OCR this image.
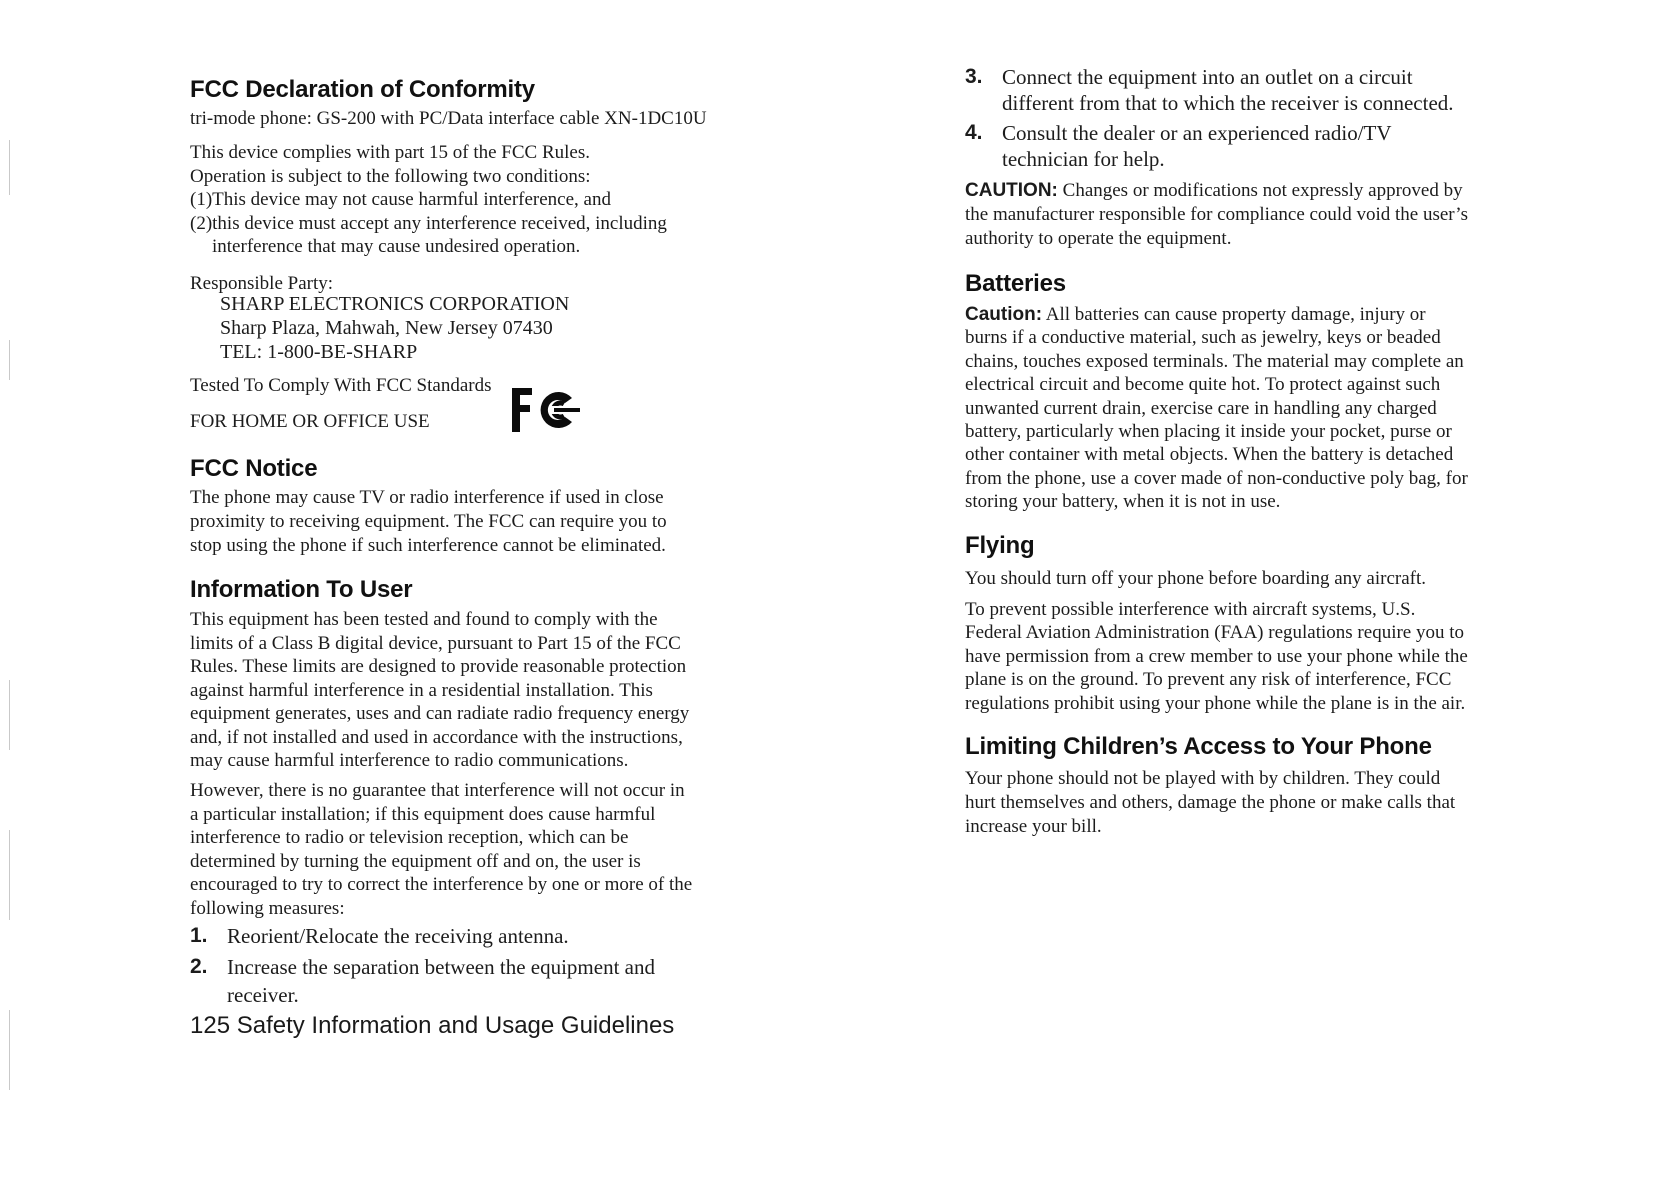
FCC Declaration of Conformity
tri-mode phone: GS-200 with PC/Data interface cable XN-1DC10U
This device complies with part 15 of the FCC Rules.
Operation is subject to the following two conditions:
(1)This device may not cause harmful interference, and
(2)this device must accept any interference received, including
interference that may cause undesired operation.
Responsible Party:
SHARP ELECTRONICS CORPORATION
Sharp Plaza, Mahwah, New Jersey 07430
TEL: 1-800-BE-SHARP
Tested To Comply With FCC Standards
FOR HOME OR OFFICE USE
FCC Notice
The phone may cause TV or radio interference if used in close
proximity to receiving equipment. The FCC can require you to
stop using the phone if such interference cannot be eliminated.
Information To User
This equipment has been tested and found to comply with the
limits of a Class B digital device, pursuant to Part 15 of the FCC
Rules. These limits are designed to provide reasonable protection
against harmful interference in a residential installation. This
equipment generates, uses and can radiate radio frequency energy
and, if not installed and used in accordance with the instructions,
may cause harmful interference to radio communications.
However, there is no guarantee that interference will not occur in
a particular installation; if this equipment does cause harmful
interference to radio or television reception, which can be
determined by turning the equipment off and on, the user is
encouraged to try to correct the interference by one or more of the
following measures:
1. Reorient/Relocate the receiving antenna.
2. Increase the separation between the equipment and
receiver.
125 Safety Information and Usage Guidelines
3. Connect the equipment into an outlet on a circuit
different from that to which the receiver is connected.
4. Consult the dealer or an experienced radio/TV
technician for help.
CAUTION: Changes or modifications not expressly approved by
the manufacturer responsible for compliance could void the user’s
authority to operate the equipment.
Batteries
Caution: All batteries can cause property damage, injury or
burns if a conductive material, such as jewelry, keys or beaded
chains, touches exposed terminals. The material may complete an
electrical circuit and become quite hot. To protect against such
unwanted current drain, exercise care in handling any charged
battery, particularly when placing it inside your pocket, purse or
other container with metal objects. When the battery is detached
from the phone, use a cover made of non-conductive poly bag, for
storing your battery, when it is not in use.
Flying
You should turn off your phone before boarding any aircraft.
To prevent possible interference with aircraft systems, U.S.
Federal Aviation Administration (FAA) regulations require you to
have permission from a crew member to use your phone while the
plane is on the ground. To prevent any risk of interference, FCC
regulations prohibit using your phone while the plane is in the air.
Limiting Children’s Access to Your Phone
Your phone should not be played with by children. They could
hurt themselves and others, damage the phone or make calls that
increase your bill.
